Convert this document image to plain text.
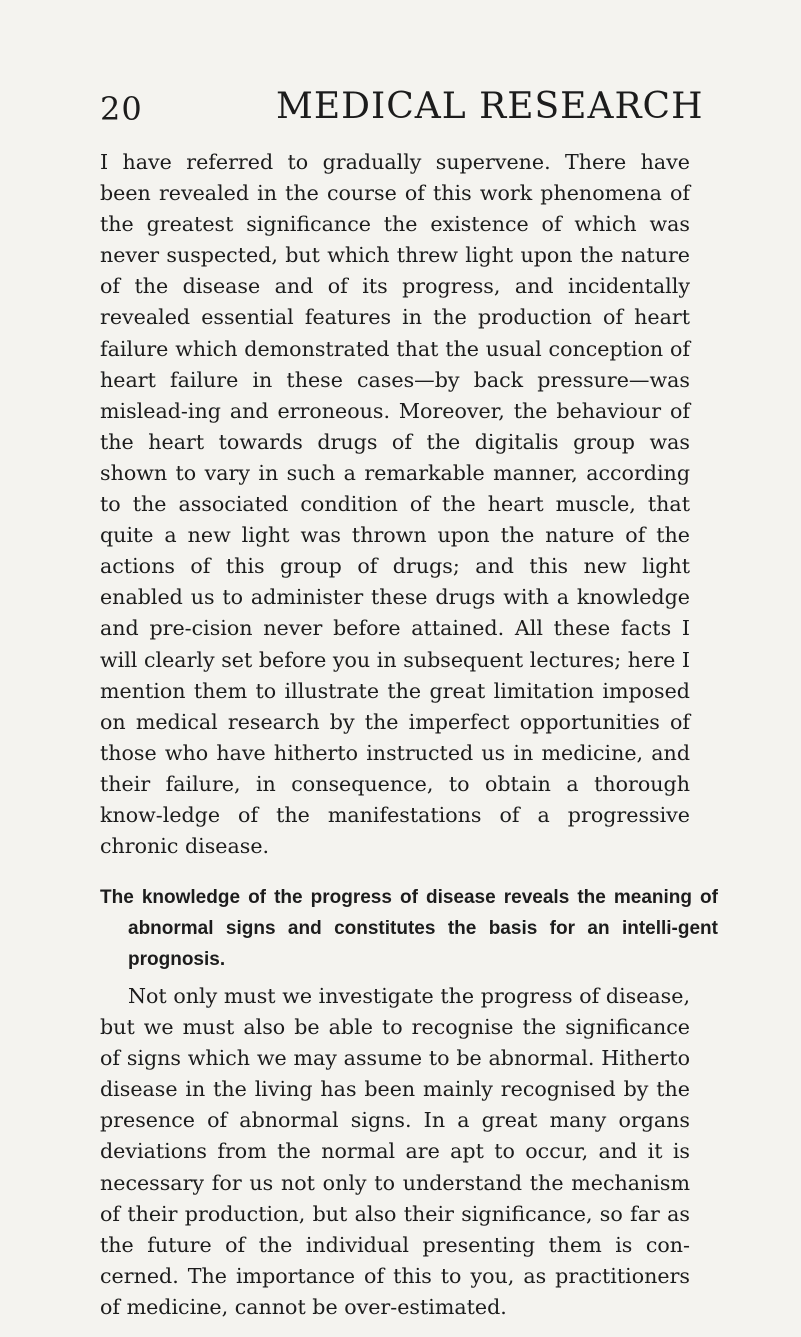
20	MEDICAL RESEARCH

I have referred to gradually supervene. There have been revealed in the course of this work phenomena of the greatest significance the existence of which was never suspected, but which threw light upon the nature of the disease and of its progress, and incidentally revealed essential features in the production of heart failure which demonstrated that the usual conception of heart failure in these cases—by back pressure—was mislead-ing and erroneous. Moreover, the behaviour of the heart towards drugs of the digitalis group was shown to vary in such a remarkable manner, according to the associated condition of the heart muscle, that quite a new light was thrown upon the nature of the actions of this group of drugs; and this new light enabled us to administer these drugs with a knowledge and pre-cision never before attained. All these facts I will clearly set before you in subsequent lectures; here I mention them to illustrate the great limitation imposed on medical research by the imperfect opportunities of those who have hitherto instructed us in medicine, and their failure, in consequence, to obtain a thorough know-ledge of the manifestations of a progressive chronic disease.

The knowledge of the progress of disease reveals the meaning of abnormal signs and constitutes the basis for an intelli-gent prognosis.

Not only must we investigate the progress of disease, but we must also be able to recognise the significance of signs which we may assume to be abnormal. Hitherto disease in the living has been mainly recognised by the presence of abnormal signs. In a great many organs deviations from the normal are apt to occur, and it is necessary for us not only to understand the mechanism of their production, but also their significance, so far as the future of the individual presenting them is con-cerned. The importance of this to you, as practitioners of medicine, cannot be over-estimated.
